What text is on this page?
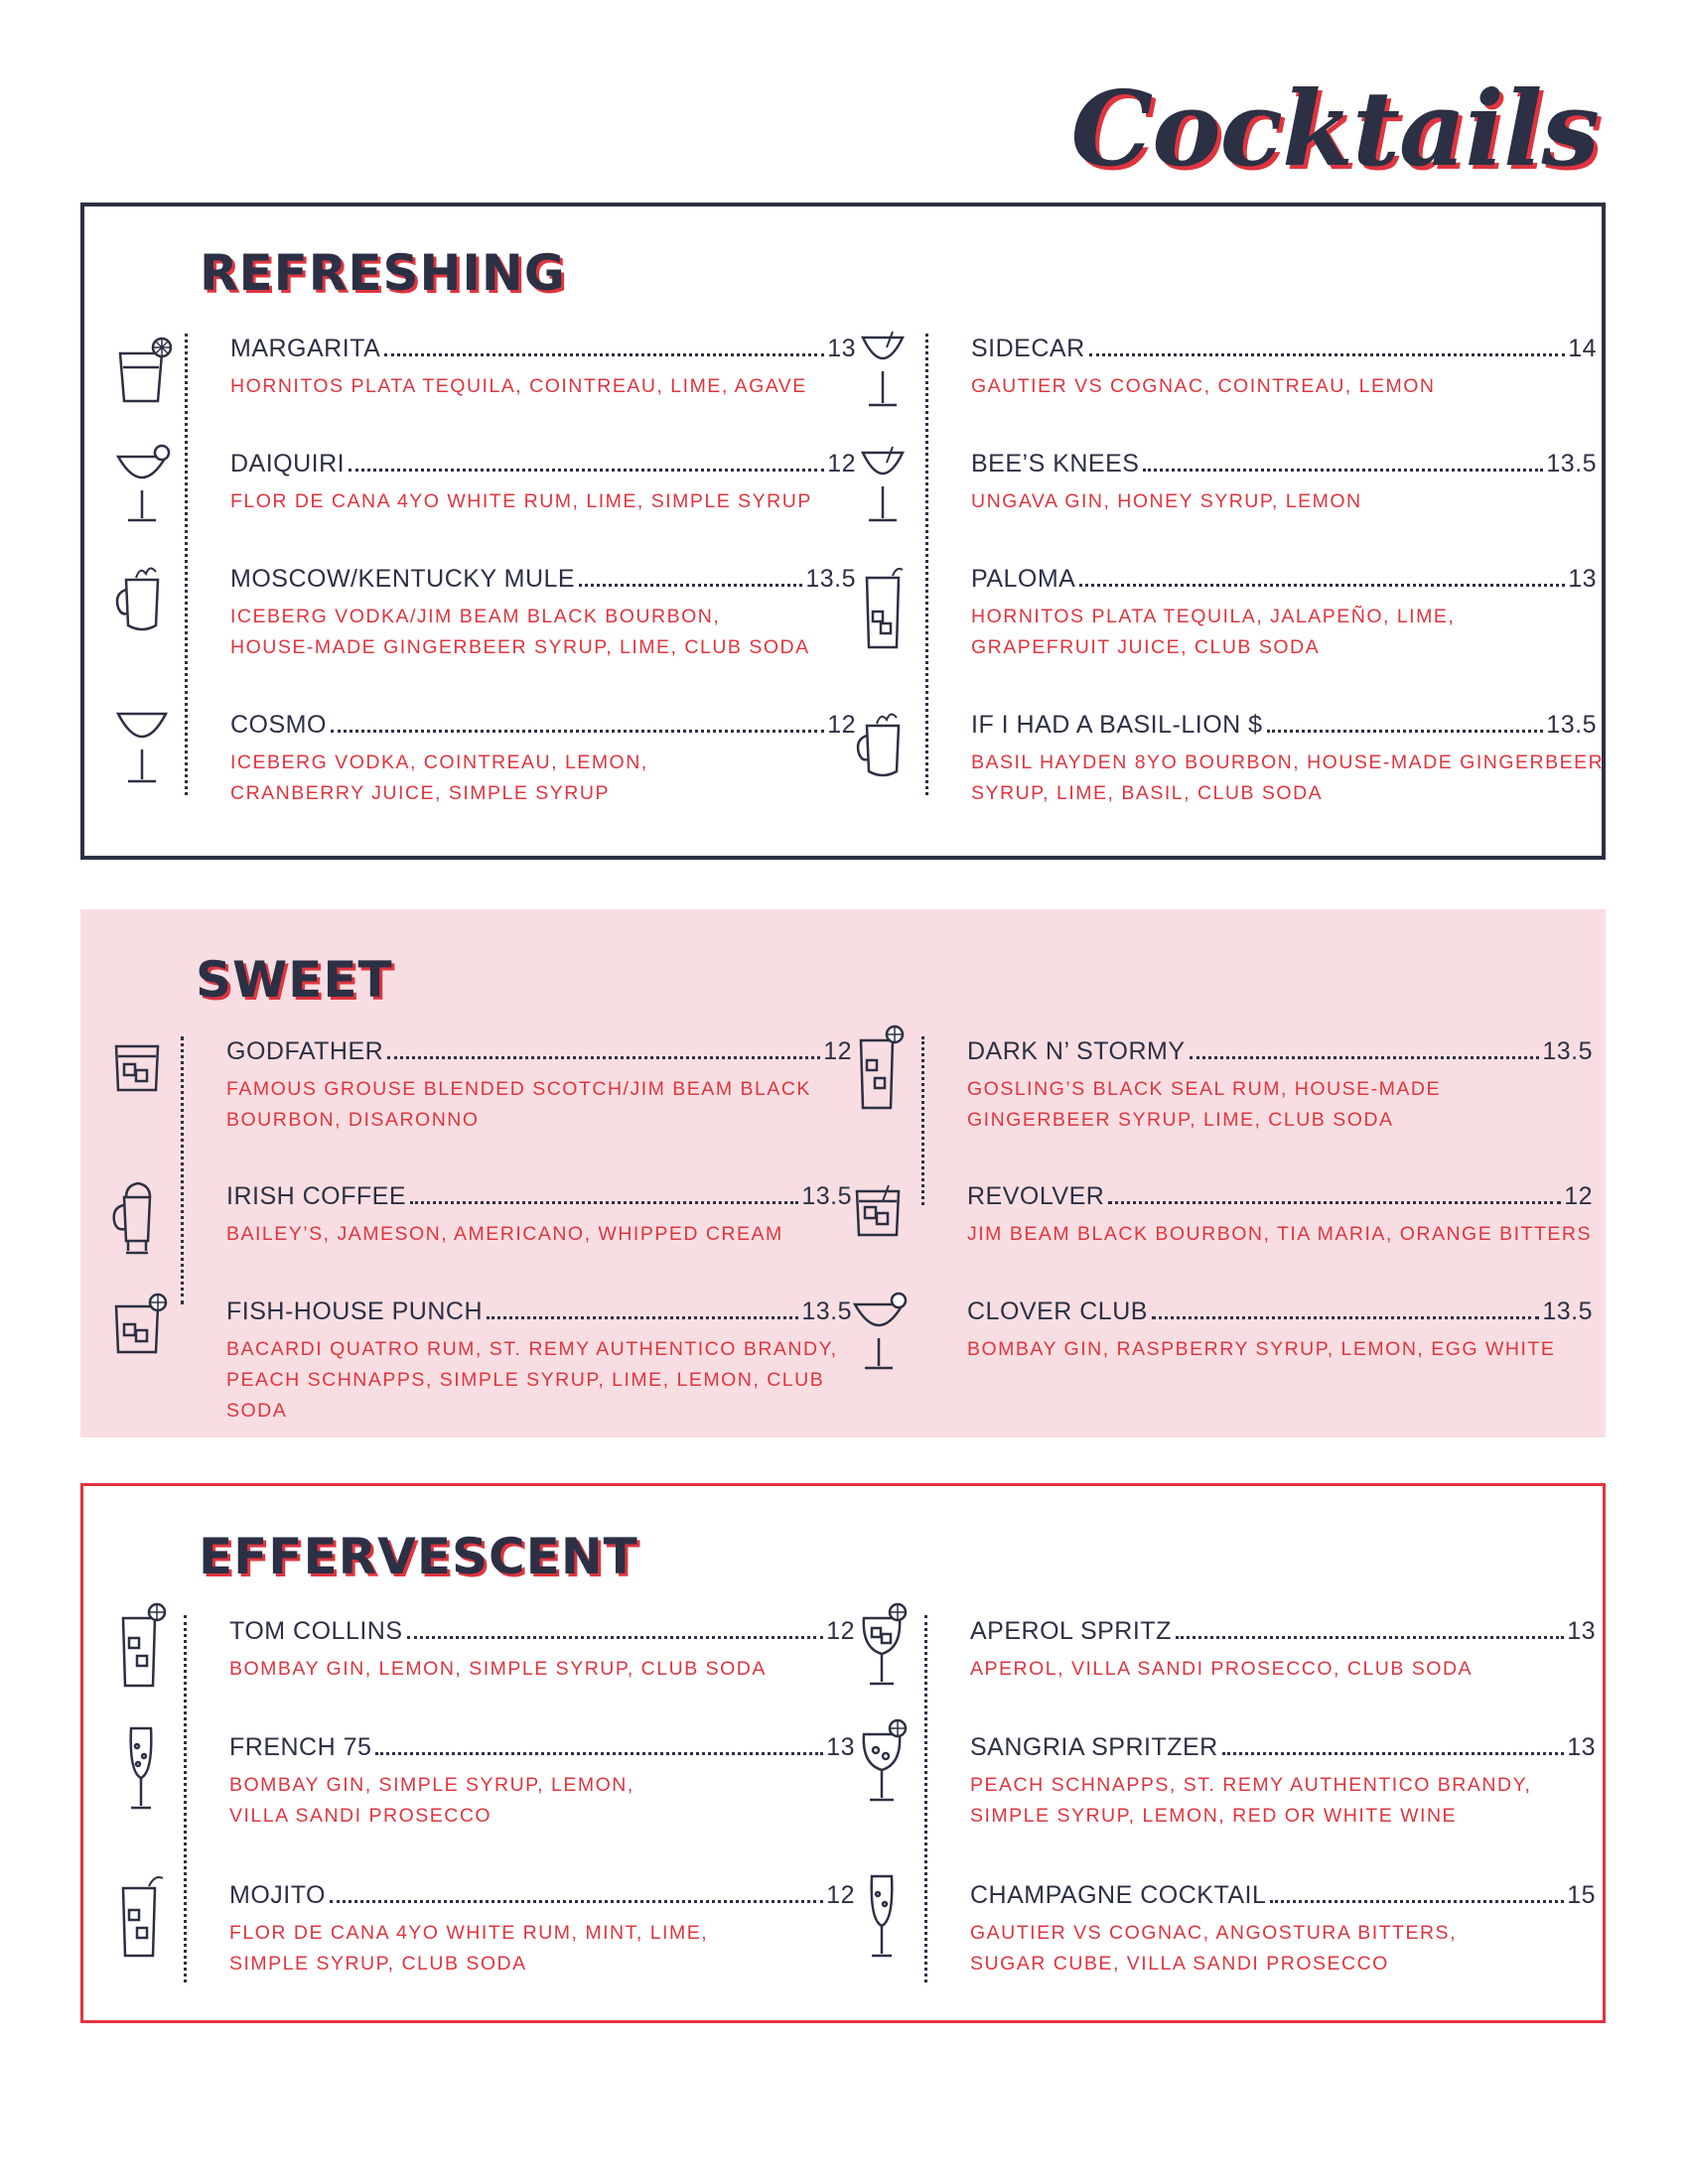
Cocktails
REFRESHING
MARGARITA	13
HORNITOS PLATA TEQUILA, COINTREAU, LIME, AGAVE
SIDECAR	14
GAUTIER VS COGNAC, COINTREAU, LEMON
DAIQUIRI	12
FLOR DE CANA 4YO WHITE RUM, LIME, SIMPLE SYRUP
BEE’S KNEES	13.5
UNGAVA GIN, HONEY SYRUP, LEMON
MOSCOW/KENTUCKY MULE	13.5
ICEBERG VODKA/JIM BEAM BLACK BOURBON,
HOUSE-MADE GINGERBEER SYRUP, LIME, CLUB SODA
PALOMA	13
HORNITOS PLATA TEQUILA, JALAPEÑO, LIME,
GRAPEFRUIT JUICE, CLUB SODA
COSMO	12
ICEBERG VODKA, COINTREAU, LEMON,
CRANBERRY JUICE, SIMPLE SYRUP
IF I HAD A BASIL-LION $	13.5
BASIL HAYDEN 8YO BOURBON, HOUSE-MADE GINGERBEER
SYRUP, LIME, BASIL, CLUB SODA
SWEET
GODFATHER	12
FAMOUS GROUSE BLENDED SCOTCH/JIM BEAM BLACK
BOURBON, DISARONNO
DARK N’ STORMY	13.5
GOSLING’S BLACK SEAL RUM, HOUSE-MADE
GINGERBEER SYRUP, LIME, CLUB SODA
IRISH COFFEE	13.5
BAILEY’S, JAMESON, AMERICANO, WHIPPED CREAM
REVOLVER	12
JIM BEAM BLACK BOURBON, TIA MARIA, ORANGE BITTERS
FISH-HOUSE PUNCH	13.5
BACARDI QUATRO RUM, ST. REMY AUTHENTICO BRANDY,
PEACH SCHNAPPS, SIMPLE SYRUP, LIME, LEMON, CLUB SODA
CLOVER CLUB	13.5
BOMBAY GIN, RASPBERRY SYRUP, LEMON, EGG WHITE
EFFERVESCENT
TOM COLLINS	12
BOMBAY GIN, LEMON, SIMPLE SYRUP, CLUB SODA
APEROL SPRITZ	13
APEROL, VILLA SANDI PROSECCO, CLUB SODA
FRENCH 75	13
BOMBAY GIN, SIMPLE SYRUP, LEMON,
VILLA SANDI PROSECCO
SANGRIA SPRITZER	13
PEACH SCHNAPPS, ST. REMY AUTHENTICO BRANDY,
SIMPLE SYRUP, LEMON, RED OR WHITE WINE
MOJITO	12
FLOR DE CANA 4YO WHITE RUM, MINT, LIME,
SIMPLE SYRUP, CLUB SODA
CHAMPAGNE COCKTAIL	15
GAUTIER VS COGNAC, ANGOSTURA BITTERS,
SUGAR CUBE, VILLA SANDI PROSECCO
